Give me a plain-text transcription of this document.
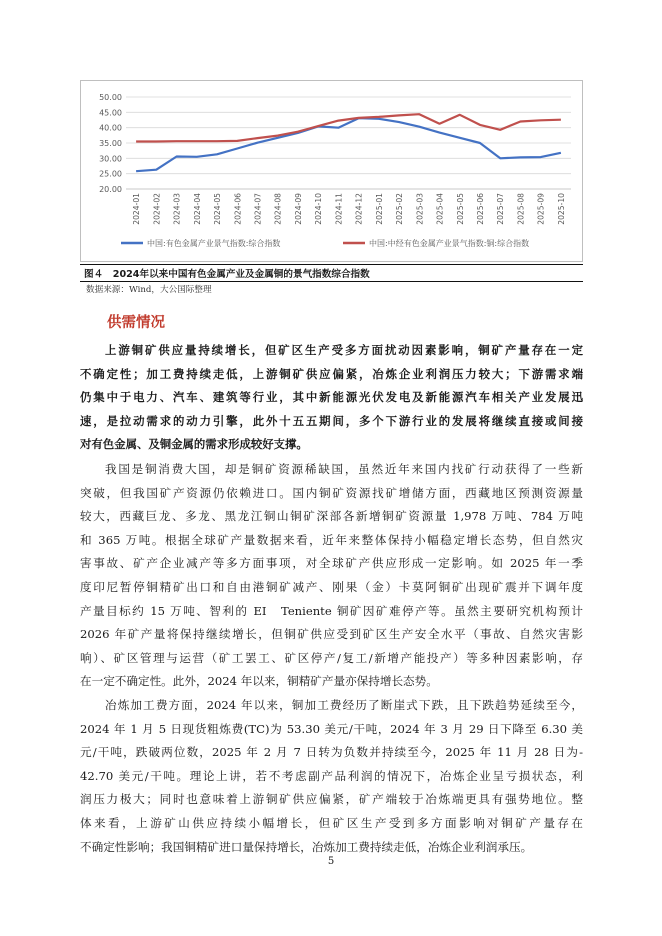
20.00
25.00
30.00
35.00
40.00
45.00
50.00
2024-01 2024-02 2024-03 2024-04 2024-05 2024-06 2024-07 2024-08 2024-09 2024-10 2024-11 2024-12 2025-01 2025-02 2025-03 2025-04 2025-05 2025-06 2025-07 2025-08 2025-09 2025-10
中国:有色金属产业景气指数:综合指数	中国:中经有色金属产业景气指数:铜:综合指数
图４　2024年以来中国有色金属产业及金属铜的景气指数综合指数
数据来源：Wind，大公国际整理
供需情况
上游铜矿供应量持续增长，但矿区生产受多方面扰动因素影响，铜矿产量存在一定
不确定性；加工费持续走低，上游铜矿供应偏紧，冶炼企业利润压力较大；下游需求端
仍集中于电力、汽车、建筑等行业，其中新能源光伏发电及新能源汽车相关产业发展迅
速，是拉动需求的动力引擎，此外十五五期间，多个下游行业的发展将继续直接或间接
对有色金属、及铜金属的需求形成较好支撑。
我国是铜消费大国，却是铜矿资源稀缺国，虽然近年来国内找矿行动获得了一些新
突破，但我国矿产资源仍依赖进口。国内铜矿资源找矿增储方面，西藏地区预测资源量
较大，西藏巨龙、多龙、黑龙江铜山铜矿深部各新增铜矿资源量 1,978 万吨、784 万吨
和 365 万吨。根据全球矿产量数据来看，近年来整体保持小幅稳定增长态势，但自然灾
害事故、矿产企业减产等多方面事项，对全球矿产供应形成一定影响。如 2025 年一季
度印尼暂停铜精矿出口和自由港铜矿减产、刚果（金）卡莫阿铜矿出现矿震并下调年度
产量目标约 15 万吨、智利的 EI　Teniente 铜矿因矿难停产等。虽然主要研究机构预计
2026 年矿产量将保持继续增长，但铜矿供应受到矿区生产安全水平（事故、自然灾害影
响）、矿区管理与运营（矿工罢工、矿区停产/复工/新增产能投产）等多种因素影响，存
在一定不确定性。此外，2024 年以来，铜精矿产量亦保持增长态势。
冶炼加工费方面，2024 年以来，铜加工费经历了断崖式下跌，且下跌趋势延续至今，
2024 年 1 月 5 日现货粗炼费(TC)为 53.30 美元/干吨，2024 年 3 月 29 日下降至 6.30 美
元/干吨，跌破两位数，2025 年 2 月 7 日转为负数并持续至今，2025 年 11 月 28 日为-
42.70 美元/干吨。理论上讲，若不考虑副产品利润的情况下，冶炼企业呈亏损状态，利
润压力极大；同时也意味着上游铜矿供应偏紧，矿产端较于冶炼端更具有强势地位。整
体来看，上游矿山供应持续小幅增长，但矿区生产受到多方面影响对铜矿产量存在
不确定性影响；我国铜精矿进口量保持增长，冶炼加工费持续走低，冶炼企业利润承压。
5
